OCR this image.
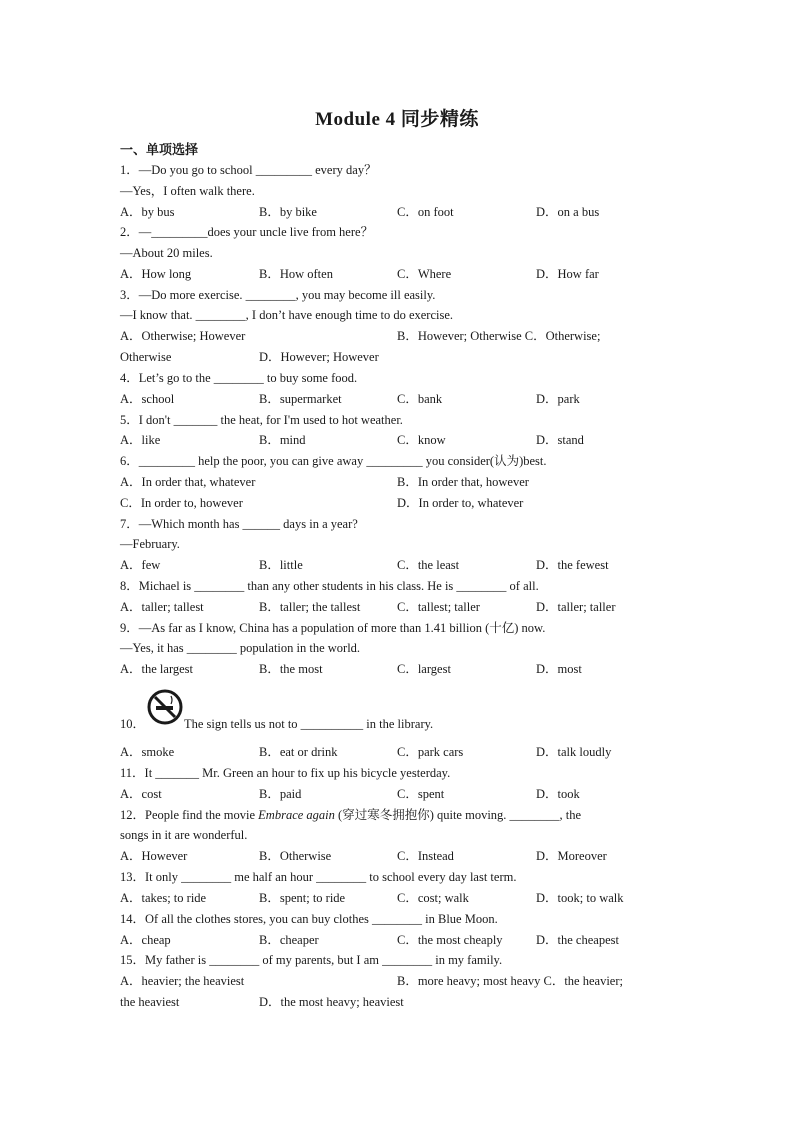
Module 4 同步精练
一、单项选择
1．—Do you go to school _________ every day？
—Yes，I often walk there.
A．by bus	B．by bike	C．on foot	D．on a bus
2．—_________does your uncle live from here？
—About 20 miles.
A．How long	B．How often	C．Where	D．How far
3．—Do more exercise. ________, you may become ill easily.
—I know that. ________, I don’t have enough time to do exercise.
A．Otherwise; However	B．However; Otherwise C．Otherwise;
Otherwise	D．However; However
4．Let’s go to the ________ to buy some food.
A．school	B．supermarket	C．bank	D．park
5．I don't _______ the heat, for I'm used to hot weather.
A．like	B．mind	C．know	D．stand
6．_________ help the poor, you can give away _________ you consider(认为)best.
A．In order that, whatever	B．In order that, however
C．In order to, however	D．In order to, whatever
7．—Which month has ______ days in a year?
—February.
A．few	B．little	C．the least	D．the fewest
8．Michael is ________ than any other students in his class. He is ________ of all.
A．taller; tallest	B．taller; the tallest	C．tallest; taller	D．taller; taller
9．—As far as I know, China has a population of more than 1.41 billion (十亿) now.
—Yes, it has ________ population in the world.
A．the largest	B．the most	C．largest	D．most
10．	The sign tells us not to __________ in the library.
A．smoke	B．eat or drink	C．park cars	D．talk loudly
11．It _______ Mr. Green an hour to fix up his bicycle yesterday.
A．cost	B．paid	C．spent	D．took
12．People find the movie Embrace again (穿过寒冬拥抱你) quite moving. ________, the
songs in it are wonderful.
A．However	B．Otherwise	C．Instead	D．Moreover
13．It only ________ me half an hour ________ to school every day last term.
A．takes; to ride	B．spent; to ride	C．cost; walk	D．took; to walk
14．Of all the clothes stores, you can buy clothes ________ in Blue Moon.
A．cheap	B．cheaper	C．the most cheaply	D．the cheapest
15．My father is ________ of my parents, but I am ________ in my family.
A．heavier; the heaviest	B．more heavy; most heavy C．the heavier;
the heaviest	D．the most heavy; heaviest
